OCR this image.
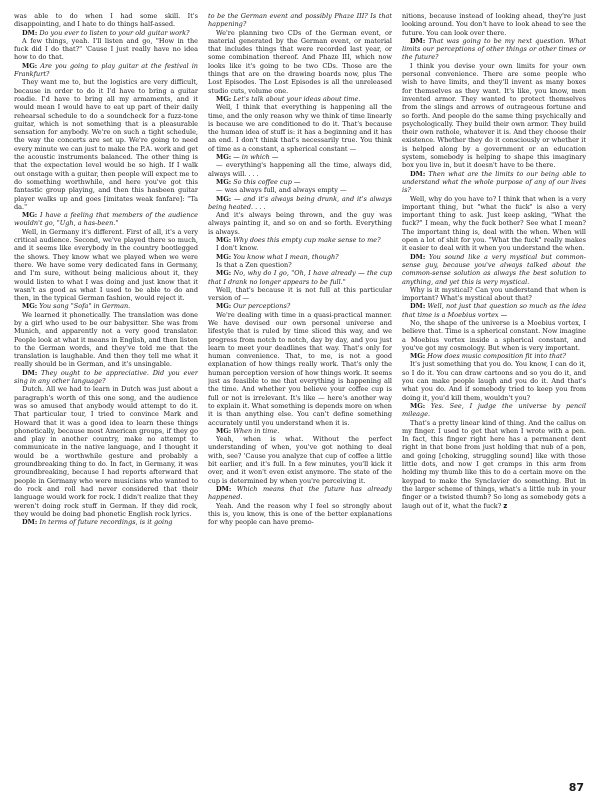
was able to do when I had some skill. It's disappointing, and I hate to do things half-assed.

DM: Do you ever to listen to your old guitar work?

A few things, yeah. I'll listen and go, "How in the fuck did I do that?" 'Cause I just really have no idea how to do that.

MG: Are you going to play guitar at the festival in Frankfurt?

They want me to, but the logistics are very difficult, because in order to do it I'd have to bring a guitar roadie. I'd have to bring all my armaments, and it would mean I would have to eat up part of their daily rehearsal schedule to do a soundcheck for a fuzz-tone guitar, which is not something that is a pleasurable sensation for anybody. We're on such a tight schedule, the way the concerts are set up. We're going to need every minute we can just to make the P.A. work and get the acoustic instruments balanced. The other thing is that the expectation level would be so high. If I walk out onstage with a guitar, then people will expect me to do something worthwhile, and here you've got this fantastic group playing, and then this hasbeen guitar player walks up and goes [imitates weak fanfare]: "Ta da."

MG: I have a feeling that members of the audience wouldn't go, "Ugh, a has-been."

Well, in Germany it's different. First of all, it's a very critical audience. Second, we've played there so much, and it seems like everybody in the country bootlegged the shows. They know what we played when we were there. We have some very dedicated fans in Germany, and I'm sure, without being malicious about it, they would listen to what I was doing and just know that it wasn't as good as what I used to be able to do and then, in the typical German fashion, would reject it.

MG: You sang "Sofa" in German.

We learned it phonetically. The translation was done by a girl who used to be our babysitter. She was from Munich, and apparently not a very good translator. People look at what it means in English, and then listen to the German words, and they've told me that the translation is laughable. And then they tell me what it really should be in German, and it's unsingable.

DM: They ought to be appreciative. Did you ever sing in any other language?

Dutch. All we had to learn in Dutch was just about a paragraph's worth of this one song, and the audience was so amused that anybody would attempt to do it. That particular tour, I tried to convince Mark and Howard that it was a good idea to learn these things phonetically, because most American groups, if they go and play in another country, make no attempt to communicate in the native language, and I thought it would be a worthwhile gesture and probably a groundbreaking thing to do. In fact, in Germany, it was groundbreaking, because I had reports afterward that people in Germany who were musicians who wanted to do rock and roll had never considered that their language would work for rock. I didn't realize that they weren't doing rock stuff in German. If they did rock, they would be doing bad phonetic English rock lyrics.

DM: In terms of future recordings, is it going

to be the German event and possibly Phaze III? Is that happening?

We're planning two CDs of the German event, or material generated by the German event, or material that includes things that were recorded last year, or some combination thereof. And Phaze III, which now looks like it's going to be two CDs. Those are the things that are on the drawing boards now, plus The Lost Episodes. The Lost Episodes is all the unreleased studio cuts, volume one.

MG: Let's talk about your ideas about time.

Well, I think that everything is happening all the time, and the only reason why we think of time linearly is because we are conditioned to do it. That's because the human idea of stuff is: it has a beginning and it has an end. I don't think that's necessarily true. You think of time as a constant, a spherical constant —

MG: — in which —

— everything's happening all the time, always did, always will. . . .

MG: So this coffee cup —

— was always full, and always empty —

MG: — and it's always being drunk, and it's always being heated. . . .

And it's always being thrown, and the guy was always painting it, and so on and so forth. Everything is always.

MG: Why does this empty cup make sense to me?

I don't know.

MG: You know what I mean, though?

Is that a Zen question?

MG: No, why do I go, "Oh, I have already — the cup that I drank no longer appears to be full."

Well, that's because it is not full at this particular version of —

MG: Our perceptions?

We're dealing with time in a quasi-practical manner. We have devised our own personal universe and lifestyle that is ruled by time sliced this way, and we progress from notch to notch, day by day, and you just learn to meet your deadlines that way. That's only for human convenience. That, to me, is not a good explanation of how things really work. That's only the human perception version of how things work. It seems just as feasible to me that everything is happening all the time. And whether you believe your coffee cup is full or not is irrelevant. It's like — here's another way to explain it. What something is depends more on when it is than anything else. You can't define something accurately until you understand when it is.

MG: When in time.

Yeah, when is what. Without the perfect understanding of when, you've got nothing to deal with, see? 'Cause you analyze that cup of coffee a little bit earlier, and it's full. In a few minutes, you'll kick it over, and it won't even exist anymore. The state of the cup is determined by when you're perceiving it.

DM: Which means that the future has already happened.

Yeah. And the reason why I feel so strongly about this is, you know, this is one of the better explanations for why people can have premo-

nitions, because instead of looking ahead, they're just looking around. You don't have to look ahead to see the future. You can look over there.

DM: That was going to be my next question. What limits our perceptions of other things or other times or the future?

I think you devise your own limits for your own personal convenience. There are some people who wish to have limits, and they'll invent as many boxes for themselves as they want. It's like, you know, men invented armor. They wanted to protect themselves from the slings and arrows of outrageous fortune and so forth. And people do the same thing psychically and psychologically. They build their own armor. They build their own rathole, whatever it is. And they choose their existence. Whether they do it consciously or whether it is helped along by a government or an education system, somebody is helping to shape this imaginary box you live in, but it doesn't have to be there.

DM: Then what are the limits to our being able to understand what the whole purpose of any of our lives is?

Well, why do you have to? I think that when is a very important thing, but "what the fuck" is also a very important thing to ask. Just keep asking, "What the fuck?" I mean, why the fuck bother? See what I mean? The important thing is, deal with the when. When will open a lot of shit for you. "What the fuck" really makes it easier to deal with it when you understand the when.

DM: You sound like a very mystical but common-sense guy, because you've always talked about the common-sense solution as always the best solution to anything, and yet this is very mystical.

Why is it mystical? Can you understand that when is important? What's mystical about that?

DM: Well, not just that question so much as the idea that time is a Moebius vortex —

No, the shape of the universe is a Moebius vortex, I believe that. Time is a spherical constant. Now imagine a Moebius vortex inside a spherical constant, and you've got my cosmology. But when is very important.

MG: How does music composition fit into that?

It's just something that you do. You know, I can do it, so I do it. You can draw cartoons and so you do it, and you can make people laugh and you do it. And that's what you do. And if somebody tried to keep you from doing it, you'd kill them, wouldn't you?

MG: Yes. See, I judge the universe by pencil mileage.

That's a pretty linear kind of thing. And the callus on my finger. I used to get that when I wrote with a pen. In fact, this finger right here has a permanent dent right in that bone from just holding that nub of a pen, and going [choking, struggling sound] like with those little dots, and now I get cramps in this arm from holding my thumb like this to do a certain move on the keypad to make the Synclavier do something. But in the larger scheme of things, what's a little nub in your finger or a twisted thumb? So long as somebody gets a laugh out of it, what the fuck? z

87
